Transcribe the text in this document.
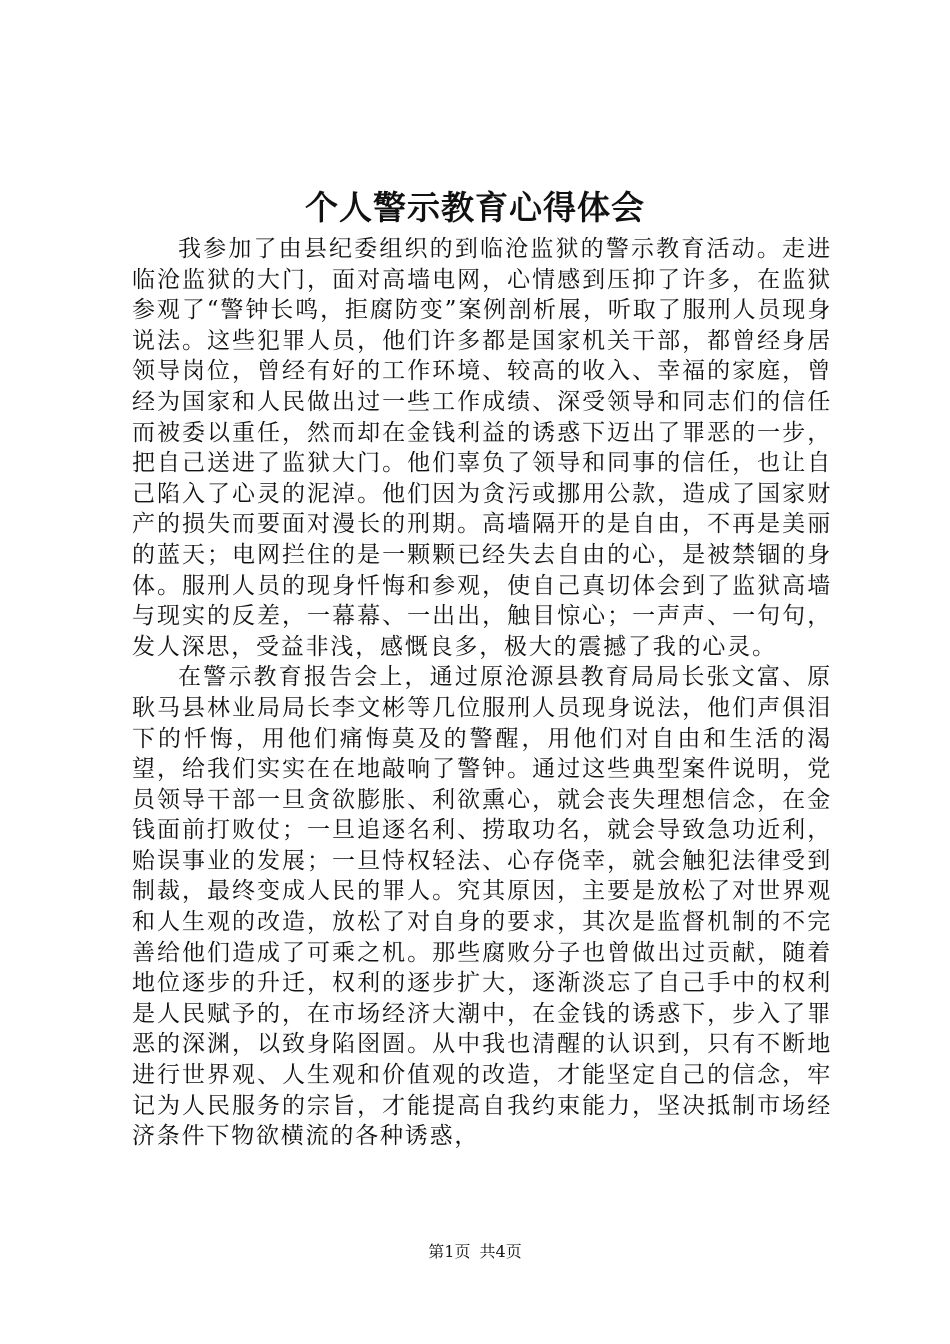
个人警示教育心得体会

我参加了由县纪委组织的到临沧监狱的警示教育活动。走进临沧监狱的大门，面对高墙电网，心情感到压抑了许多，在监狱参观了“警钟长鸣，拒腐防变”案例剖析展，听取了服刑人员现身说法。这些犯罪人员，他们许多都是国家机关干部，都曾经身居领导岗位，曾经有好的工作环境、较高的收入、幸福的家庭，曾经为国家和人民做出过一些工作成绩、深受领导和同志们的信任而被委以重任，然而却在金钱利益的诱惑下迈出了罪恶的一步，把自己送进了监狱大门。他们辜负了领导和同事的信任，也让自己陷入了心灵的泥淖。他们因为贪污或挪用公款，造成了国家财产的损失而要面对漫长的刑期。高墙隔开的是自由，不再是美丽的蓝天；电网拦住的是一颗颗已经失去自由的心，是被禁锢的身体。服刑人员的现身忏悔和参观，使自己真切体会到了监狱高墙与现实的反差，一幕幕、一出出，触目惊心；一声声、一句句，发人深思，受益非浅，感慨良多，极大的震撼了我的心灵。

在警示教育报告会上，通过原沧源县教育局局长张文富、原耿马县林业局局长李文彬等几位服刑人员现身说法，他们声俱泪下的忏悔，用他们痛悔莫及的警醒，用他们对自由和生活的渴望，给我们实实在在地敲响了警钟。通过这些典型案件说明，党员领导干部一旦贪欲膨胀、利欲熏心，就会丧失理想信念，在金钱面前打败仗；一旦追逐名利、捞取功名，就会导致急功近利，贻误事业的发展；一旦恃权轻法、心存侥幸，就会触犯法律受到制裁，最终变成人民的罪人。究其原因，主要是放松了对世界观和人生观的改造，放松了对自身的要求，其次是监督机制的不完善给他们造成了可乘之机。那些腐败分子也曾做出过贡献，随着地位逐步的升迁，权利的逐步扩大，逐渐淡忘了自己手中的权利是人民赋予的，在市场经济大潮中，在金钱的诱惑下，步入了罪恶的深渊，以致身陷囹圄。从中我也清醒的认识到，只有不断地进行世界观、人生观和价值观的改造，才能坚定自己的信念，牢记为人民服务的宗旨，才能提高自我约束能力，坚决抵制市场经济条件下物欲横流的各种诱惑，

第1页 共4页
